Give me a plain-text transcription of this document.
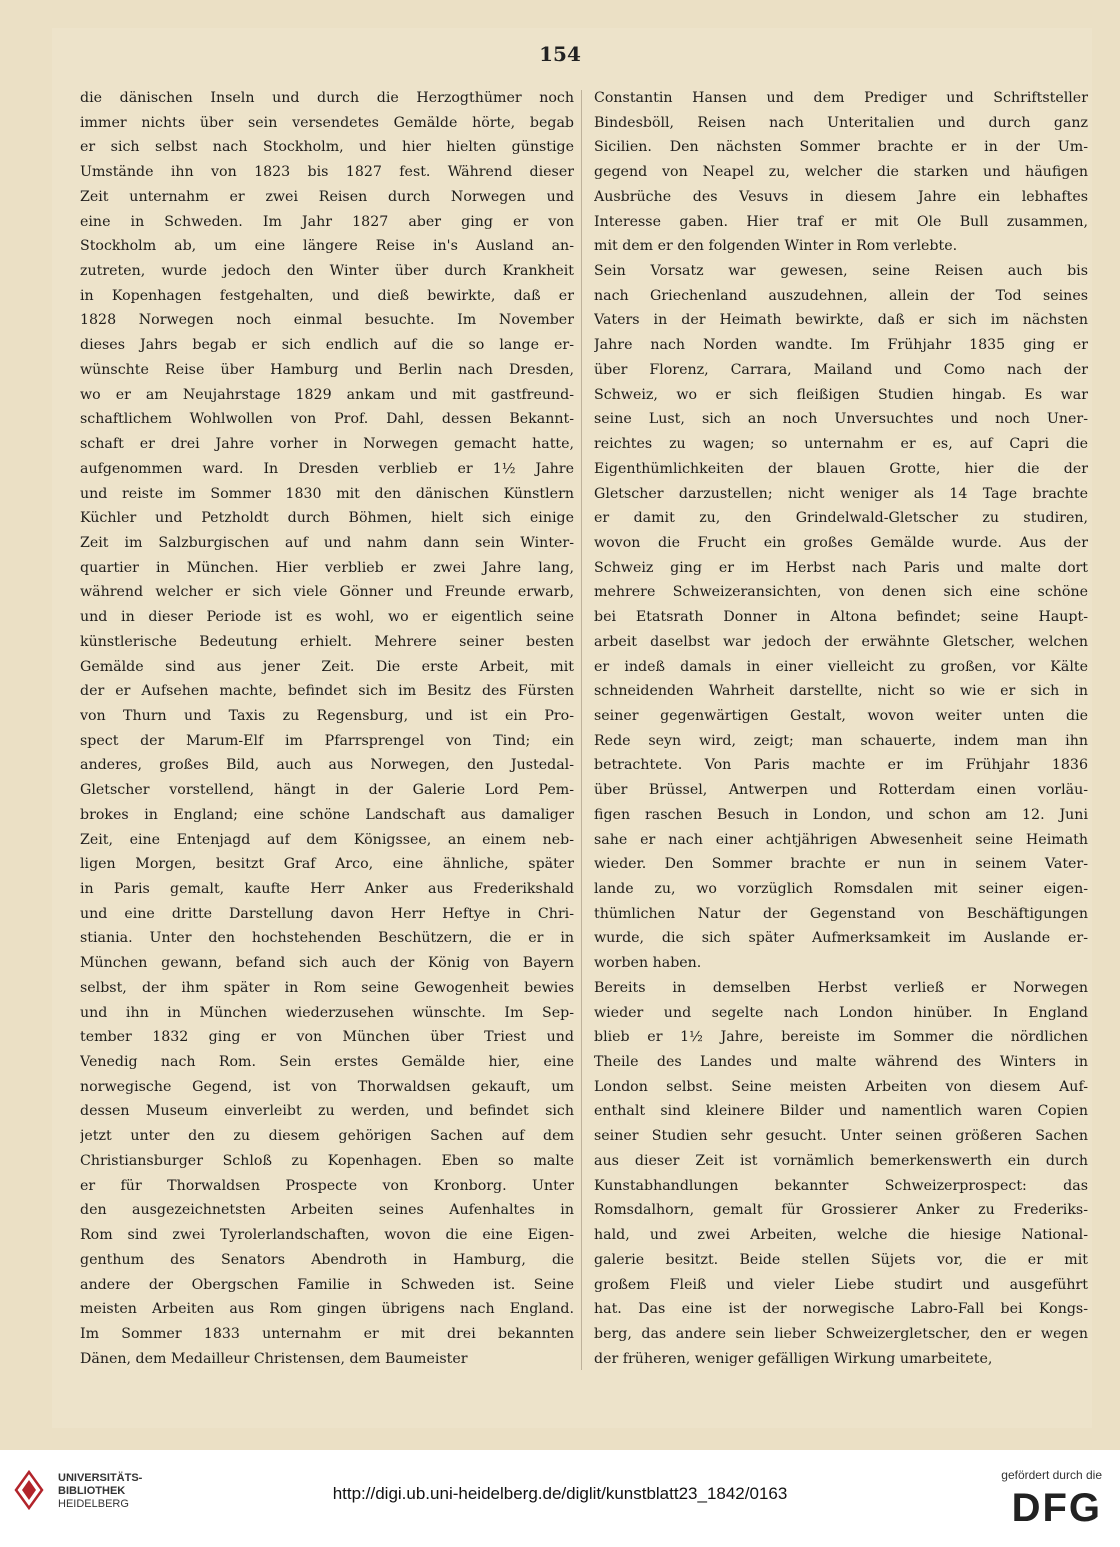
154
die dänischen Inseln und durch die Herzogthümer noch
immer nichts über sein versendetes Gemälde hörte, begab
er sich selbst nach Stockholm, und hier hielten günstige
Umstände ihn von 1823 bis 1827 fest. Während dieser
Zeit unternahm er zwei Reisen durch Norwegen und
eine in Schweden. Im Jahr 1827 aber ging er von
Stockholm ab, um eine längere Reise in's Ausland an-
zutreten, wurde jedoch den Winter über durch Krankheit
in Kopenhagen festgehalten, und dieß bewirkte, daß er
1828 Norwegen noch einmal besuchte. Im November
dieses Jahrs begab er sich endlich auf die so lange er-
wünschte Reise über Hamburg und Berlin nach Dresden,
wo er am Neujahrstage 1829 ankam und mit gastfreund-
schaftlichem Wohlwollen von Prof. Dahl, dessen Bekannt-
schaft er drei Jahre vorher in Norwegen gemacht hatte,
aufgenommen ward. In Dresden verblieb er 1½ Jahre
und reiste im Sommer 1830 mit den dänischen Künstlern
Küchler und Petzholdt durch Böhmen, hielt sich einige
Zeit im Salzburgischen auf und nahm dann sein Winter-
quartier in München. Hier verblieb er zwei Jahre lang,
während welcher er sich viele Gönner und Freunde erwarb,
und in dieser Periode ist es wohl, wo er eigentlich seine
künstlerische Bedeutung erhielt. Mehrere seiner besten
Gemälde sind aus jener Zeit. Die erste Arbeit, mit
der er Aufsehen machte, befindet sich im Besitz des Fürsten
von Thurn und Taxis zu Regensburg, und ist ein Pro-
spect der Marum-Elf im Pfarrsprengel von Tind; ein
anderes, großes Bild, auch aus Norwegen, den Justedal-
Gletscher vorstellend, hängt in der Galerie Lord Pem-
brokes in England; eine schöne Landschaft aus damaliger
Zeit, eine Entenjagd auf dem Königssee, an einem neb-
ligen Morgen, besitzt Graf Arco, eine ähnliche, später
in Paris gemalt, kaufte Herr Anker aus Frederikshald
und eine dritte Darstellung davon Herr Heftye in Chri-
stiania. Unter den hochstehenden Beschützern, die er in
München gewann, befand sich auch der König von Bayern
selbst, der ihm später in Rom seine Gewogenheit bewies
und ihn in München wiederzusehen wünschte. Im Sep-
tember 1832 ging er von München über Triest und
Venedig nach Rom. Sein erstes Gemälde hier, eine
norwegische Gegend, ist von Thorwaldsen gekauft, um
dessen Museum einverleibt zu werden, und befindet sich
jetzt unter den zu diesem gehörigen Sachen auf dem
Christiansburger Schloß zu Kopenhagen. Eben so malte
er für Thorwaldsen Prospecte von Kronborg. Unter
den ausgezeichnetsten Arbeiten seines Aufenhaltes in
Rom sind zwei Tyrolerlandschaften, wovon die eine Eigen-
genthum des Senators Abendroth in Hamburg, die
andere der Obergschen Familie in Schweden ist. Seine
meisten Arbeiten aus Rom gingen übrigens nach England.
Im Sommer 1833 unternahm er mit drei bekannten
Dänen, dem Medailleur Christensen, dem Baumeister
Constantin Hansen und dem Prediger und Schriftsteller
Bindesböll, Reisen nach Unteritalien und durch ganz
Sicilien. Den nächsten Sommer brachte er in der Um-
gegend von Neapel zu, welcher die starken und häufigen
Ausbrüche des Vesuvs in diesem Jahre ein lebhaftes
Interesse gaben. Hier traf er mit Ole Bull zusammen,
mit dem er den folgenden Winter in Rom verlebte.
Sein Vorsatz war gewesen, seine Reisen auch bis
nach Griechenland auszudehnen, allein der Tod seines
Vaters in der Heimath bewirkte, daß er sich im nächsten
Jahre nach Norden wandte. Im Frühjahr 1835 ging er
über Florenz, Carrara, Mailand und Como nach der
Schweiz, wo er sich fleißigen Studien hingab. Es war
seine Lust, sich an noch Unversuchtes und noch Uner-
reichtes zu wagen; so unternahm er es, auf Capri die
Eigenthümlichkeiten der blauen Grotte, hier die der
Gletscher darzustellen; nicht weniger als 14 Tage brachte
er damit zu, den Grindelwald-Gletscher zu studiren,
wovon die Frucht ein großes Gemälde wurde. Aus der
Schweiz ging er im Herbst nach Paris und malte dort
mehrere Schweizeransichten, von denen sich eine schöne
bei Etatsrath Donner in Altona befindet; seine Haupt-
arbeit daselbst war jedoch der erwähnte Gletscher, welchen
er indeß damals in einer vielleicht zu großen, vor Kälte
schneidenden Wahrheit darstellte, nicht so wie er sich in
seiner gegenwärtigen Gestalt, wovon weiter unten die
Rede seyn wird, zeigt; man schauerte, indem man ihn
betrachtete. Von Paris machte er im Frühjahr 1836
über Brüssel, Antwerpen und Rotterdam einen vorläu-
figen raschen Besuch in London, und schon am 12. Juni
sahe er nach einer achtjährigen Abwesenheit seine Heimath
wieder. Den Sommer brachte er nun in seinem Vater-
lande zu, wo vorzüglich Romsdalen mit seiner eigen-
thümlichen Natur der Gegenstand von Beschäftigungen
wurde, die sich später Aufmerksamkeit im Auslande er-
worben haben.
Bereits in demselben Herbst verließ er Norwegen
wieder und segelte nach London hinüber. In England
blieb er 1½ Jahre, bereiste im Sommer die nördlichen
Theile des Landes und malte während des Winters in
London selbst. Seine meisten Arbeiten von diesem Auf-
enthalt sind kleinere Bilder und namentlich waren Copien
seiner Studien sehr gesucht. Unter seinen größeren Sachen
aus dieser Zeit ist vornämlich bemerkenswerth ein durch
Kunstabhandlungen bekannter Schweizerprospect: das
Romsdalhorn, gemalt für Grossierer Anker zu Frederiks-
hald, und zwei Arbeiten, welche die hiesige National-
galerie besitzt. Beide stellen Süjets vor, die er mit
großem Fleiß und vieler Liebe studirt und ausgeführt
hat. Das eine ist der norwegische Labro-Fall bei Kongs-
berg, das andere sein lieber Schweizergletscher, den er wegen
der früheren, weniger gefälligen Wirkung umarbeitete,
UNIVERSITÄTS-
BIBLIOTHEK
HEIDELBERG
http://digi.ub.uni-heidelberg.de/diglit/kunstblatt23_1842/0163
gefördert durch die
DFG
